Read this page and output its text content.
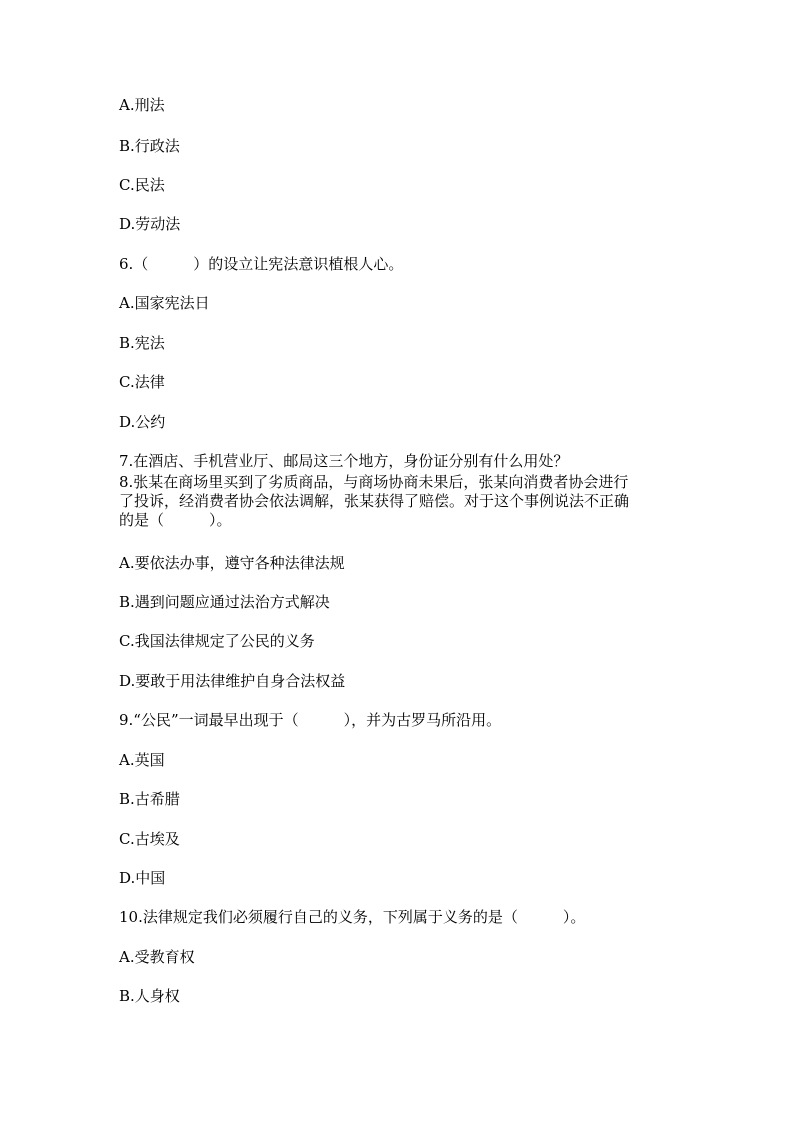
A.刑法
B.行政法
C.民法
D.劳动法
6.（　　　）的设立让宪法意识植根人心。
A.国家宪法日
B.宪法
C.法律
D.公约
7.在酒店、手机营业厅、邮局这三个地方，身份证分别有什么用处？
8.张某在商场里买到了劣质商品，与商场协商未果后，张某向消费者协会进行
了投诉，经消费者协会依法调解，张某获得了赔偿。对于这个事例说法不正确
的是（　　　）。
A.要依法办事，遵守各种法律法规
B.遇到问题应通过法治方式解决
C.我国法律规定了公民的义务
D.要敢于用法律维护自身合法权益
9.“公民”一词最早出现于（　　　），并为古罗马所沿用。
A.英国
B.古希腊
C.古埃及
D.中国
10.法律规定我们必须履行自己的义务，下列属于义务的是（　　　）。
A.受教育权
B.人身权
